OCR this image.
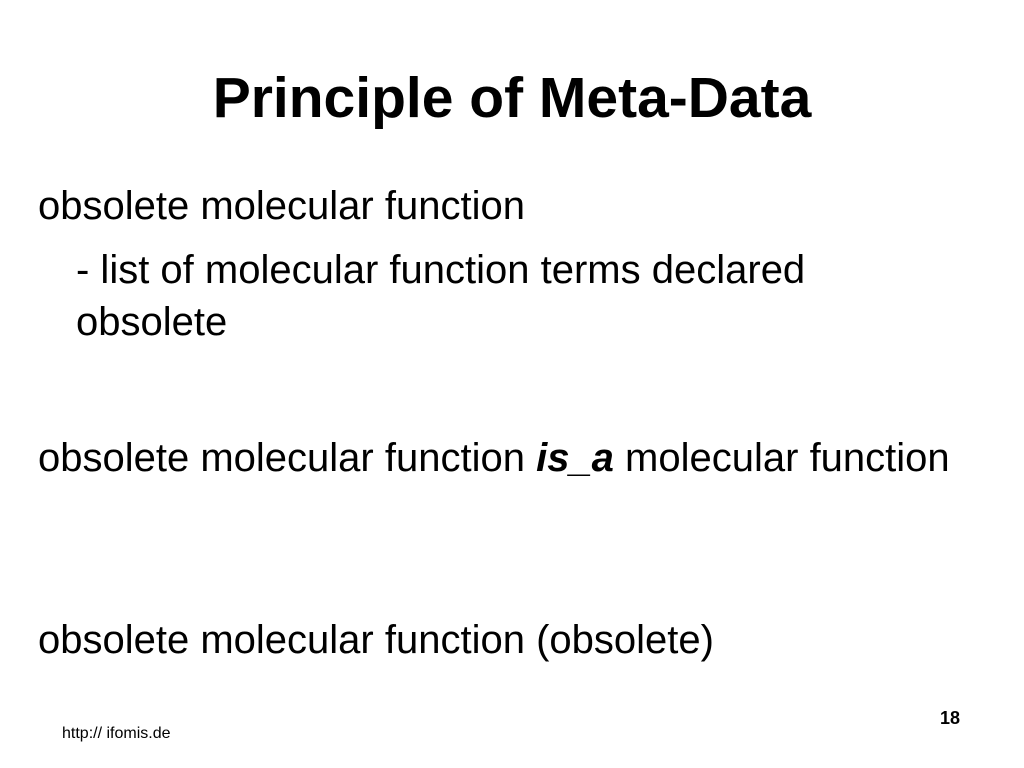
Principle of Meta-Data

obsolete molecular function

- list of molecular function terms declared obsolete

obsolete molecular function is_a molecular function

obsolete molecular function (obsolete)

http:// ifomis.de
18
